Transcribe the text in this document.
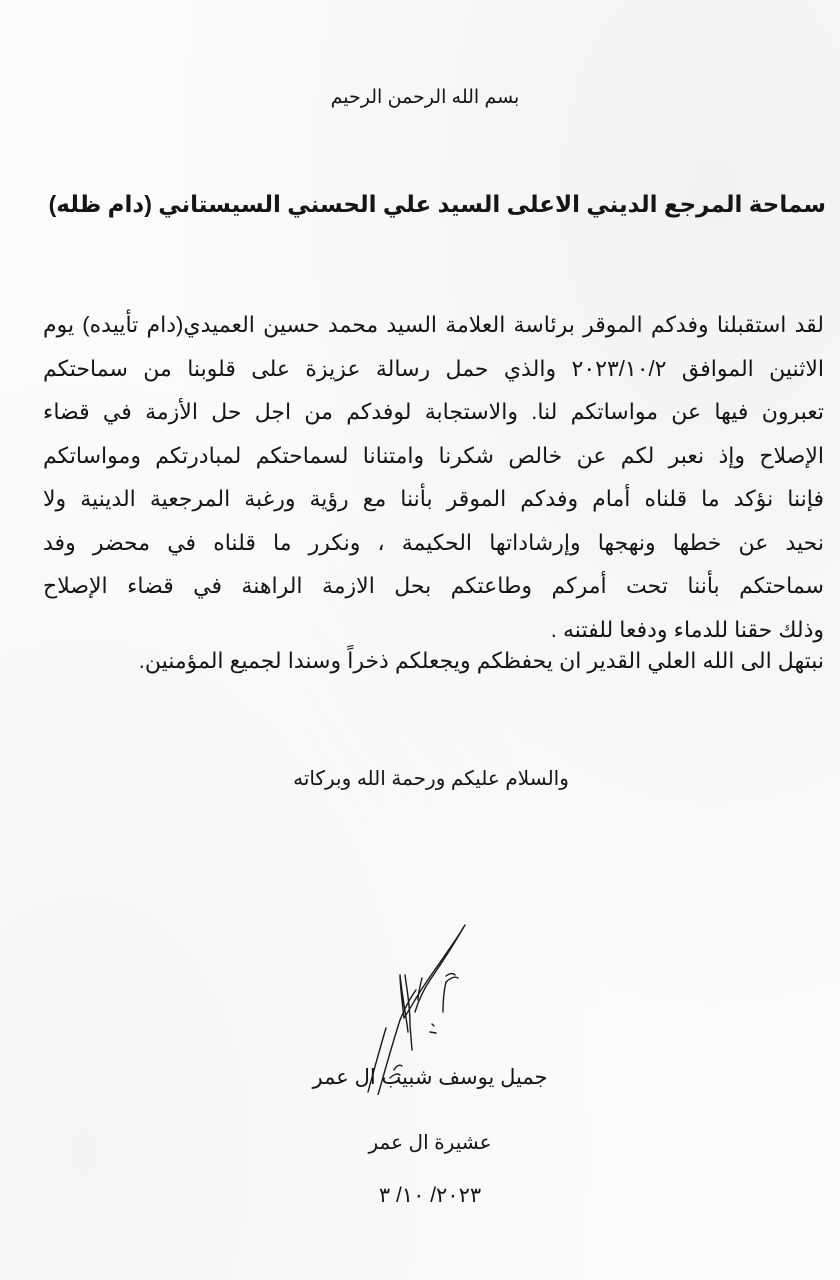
بسم الله الرحمن الرحيم
سماحة المرجع الديني الاعلى السيد علي الحسني السيستاني (دام ظله)
لقد استقبلنا وفدكم الموقر برئاسة العلامة السيد محمد حسين العميدي(دام تأييده) يوم
الاثنين الموافق ٢٠٢٣/١٠/٢ والذي حمل رسالة عزيزة على قلوبنا من سماحتكم
تعبرون فيها عن مواساتكم لنا. والاستجابة لوفدكم من اجل حل الأزمة في قضاء
الإصلاح وإذ نعبر لكم عن خالص شكرنا وامتنانا لسماحتكم لمبادرتكم ومواساتكم
فإننا نؤكد ما قلناه أمام وفدكم الموقر بأننا مع رؤية ورغبة المرجعية الدينية ولا
نحيد عن خطها ونهجها وإرشاداتها الحكيمة ، ونكرر ما قلناه في محضر وفد
سماحتكم بأننا تحت أمركم وطاعتكم بحل الازمة الراهنة في قضاء الإصلاح
وذلك حقنا للدماء ودفعا للفتنه .
نبتهل الى الله العلي القدير ان يحفظكم ويجعلكم ذخراً وسندا لجميع المؤمنين.
والسلام عليكم ورحمة الله وبركاته
جميل يوسف شبيب ال عمر
عشيرة ال عمر
٢٠٢٣/ ١٠/ ٣
